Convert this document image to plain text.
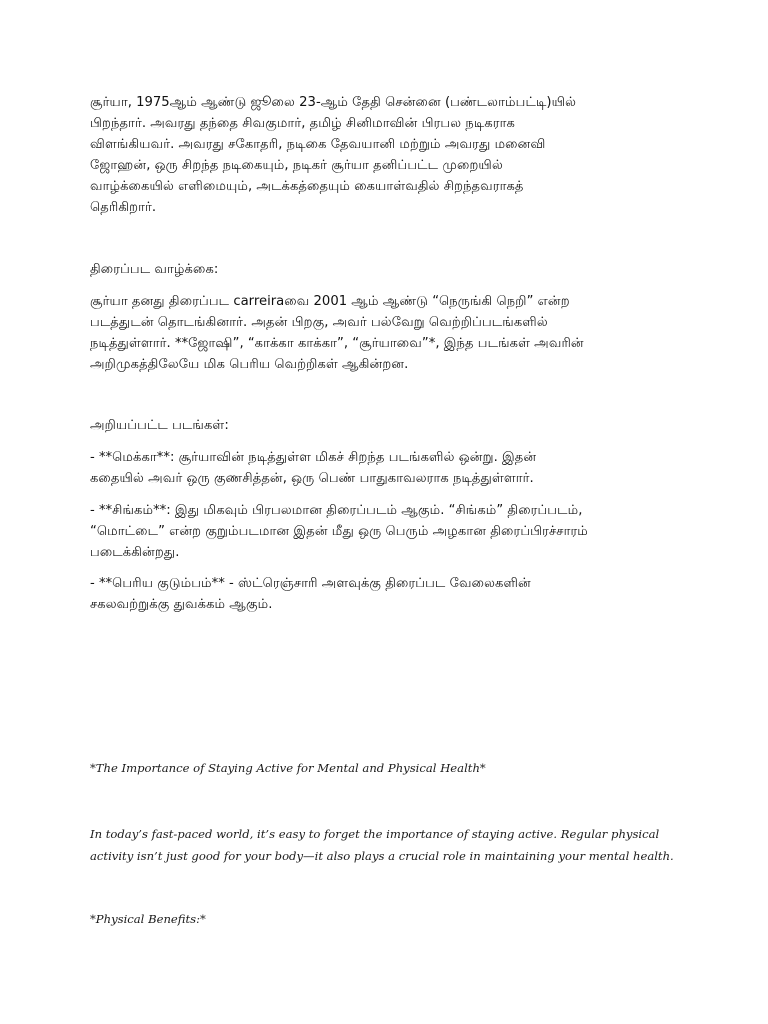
சூர்யா, 1975ஆம் ஆண்டு ஜூலை 23-ஆம் தேதி சென்னை (பண்டலாம்பட்டி)யில்
பிறந்தார். அவரது தந்தை சிவகுமார், தமிழ் சினிமாவின் பிரபல நடிகராக
விளங்கியவர். அவரது சகோதரி, நடிகை தேவயானி மற்றும் அவரது மனைவி
ஜோஹன், ஒரு சிறந்த நடிகையும், நடிகர் சூர்யா தனிப்பட்ட முறையில்
வாழ்க்கையில் எளிமையும், அடக்கத்தையும் கையாள்வதில் சிறந்தவராகத்
தெரிகிறார்.
திரைப்பட வாழ்க்கை:
சூர்யா தனது திரைப்பட carreiraவை 2001 ஆம் ஆண்டு “நெருங்கி நெறி” என்ற
படத்துடன் தொடங்கினார். அதன் பிறகு, அவர் பல்வேறு வெற்றிப்படங்களில்
நடித்துள்ளார். **ஜோஷி”, “காக்கா காக்கா”, “சூர்யாவை”*, இந்த படங்கள் அவரின்
அறிமுகத்திலேயே மிக பெரிய வெற்றிகள் ஆகின்றன.
அறியப்பட்ட படங்கள்:
- **மெக்கா**: சூர்யாவின் நடித்துள்ள மிகச் சிறந்த படங்களில் ஒன்று. இதன்
கதையில் அவர் ஒரு குணசித்தன், ஒரு பெண் பாதுகாவலராக நடித்துள்ளார்.
- **சிங்கம்**: இது மிகவும் பிரபலமான திரைப்படம் ஆகும். “சிங்கம்” திரைப்படம்,
“மொட்டை” என்ற குறும்படமான இதன் மீது ஒரு பெரும் அழகான திரைப்பிரச்சாரம்
படைக்கின்றது.
- **பெரிய குடும்பம்** - ஸ்ட்ரெஞ்சாரி அளவுக்கு திரைப்பட வேலைகளின்
சகலவற்றுக்கு துவக்கம் ஆகும்.
*The Importance of Staying Active for Mental and Physical Health*
In today’s fast-paced world, it’s easy to forget the importance of staying active. Regular physical
activity isn’t just good for your body—it also plays a crucial role in maintaining your mental health.
*Physical Benefits:*
